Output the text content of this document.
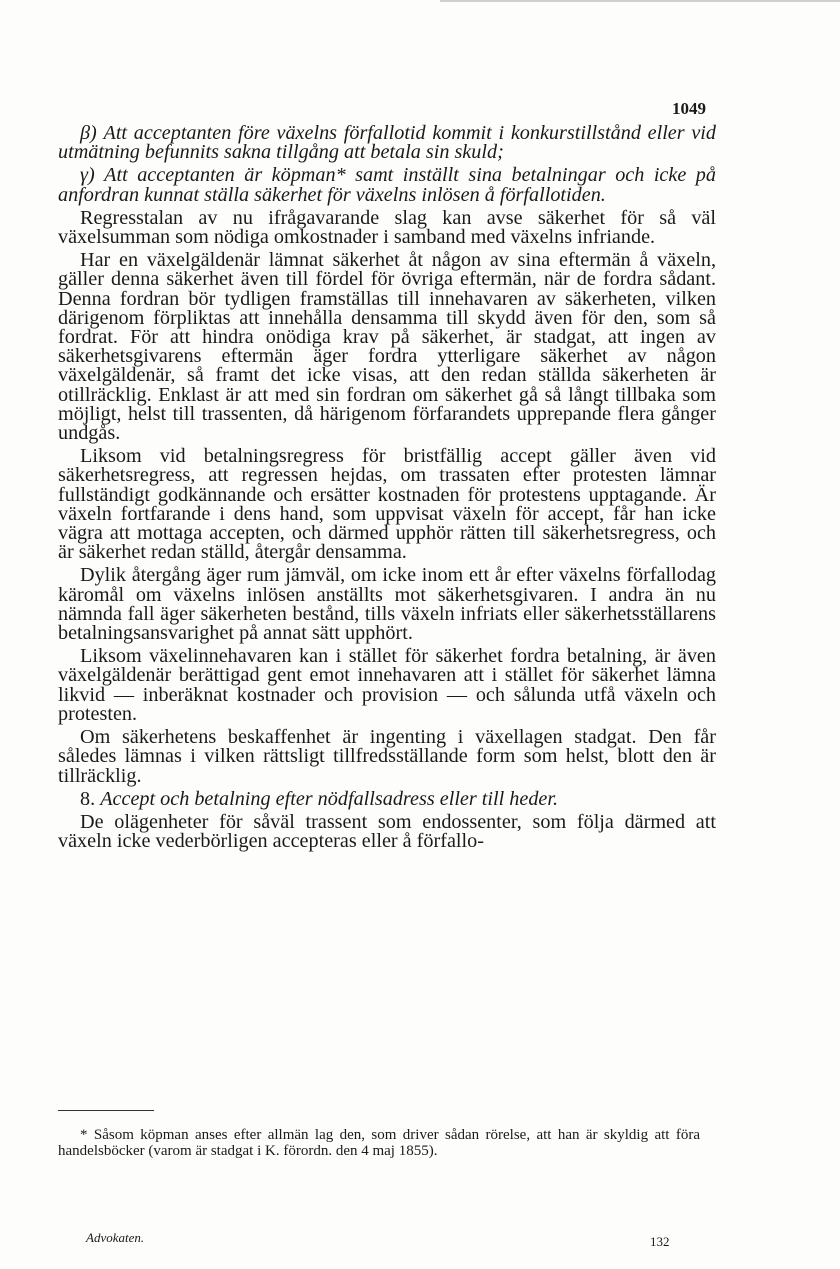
1049

β) Att acceptanten före växelns förfallotid kommit i konkurstillstånd eller vid utmätning befunnits sakna tillgång att betala sin skuld;

γ) Att acceptanten är köpman* samt inställt sina betalningar och icke på anfordran kunnat ställa säkerhet för växelns inlösen å förfallotiden.

Regresstalan av nu ifrågavarande slag kan avse säkerhet för så väl växelsumman som nödiga omkostnader i samband med växelns infriande.

Har en växelgäldenär lämnat säkerhet åt någon av sina eftermän å växeln, gäller denna säkerhet även till fördel för övriga eftermän, när de fordra sådant. Denna fordran bör tydligen framställas till innehavaren av säkerheten, vilken därigenom förpliktas att innehålla densamma till skydd även för den, som så fordrat. För att hindra onödiga krav på säkerhet, är stadgat, att ingen av säkerhetsgivarens eftermän äger fordra ytterligare säkerhet av någon växelgäldenär, så framt det icke visas, att den redan ställda säkerheten är otillräcklig. Enklast är att med sin fordran om säkerhet gå så långt tillbaka som möjligt, helst till trassenten, då härigenom förfarandets upprepande flera gånger undgås.

Liksom vid betalningsregress för bristfällig accept gäller även vid säkerhetsregress, att regressen hejdas, om trassaten efter protesten lämnar fullständigt godkännande och ersätter kostnaden för protestens upptagande. Är växeln fortfarande i dens hand, som uppvisat växeln för accept, får han icke vägra att mottaga accepten, och därmed upphör rätten till säkerhetsregress, och är säkerhet redan ställd, återgår densamma.

Dylik återgång äger rum jämväl, om icke inom ett år efter växelns förfallodag käromål om växelns inlösen anställts mot säkerhetsgivaren. I andra än nu nämnda fall äger säkerheten bestånd, tills växeln infriats eller säkerhetsställarens betalningsansvarighet på annat sätt upphört.

Liksom växelinnehavaren kan i stället för säkerhet fordra betalning, är även växelgäldenär berättigad gent emot innehavaren att i stället för säkerhet lämna likvid — inberäknat kostnader och provision — och sålunda utfå växeln och protesten.

Om säkerhetens beskaffenhet är ingenting i växellagen stadgat. Den får således lämnas i vilken rättsligt tillfredsställande form som helst, blott den är tillräcklig.

8. Accept och betalning efter nödfallsadress eller till heder.

De olägenheter för såväl trassent som endossenter, som följa därmed att växeln icke vederbörligen accepteras eller å förfallo-

* Såsom köpman anses efter allmän lag den, som driver sådan rörelse, att han är skyldig att föra handelsböcker (varom är stadgat i K. förordn. den 4 maj 1855).
Advokaten.	132
